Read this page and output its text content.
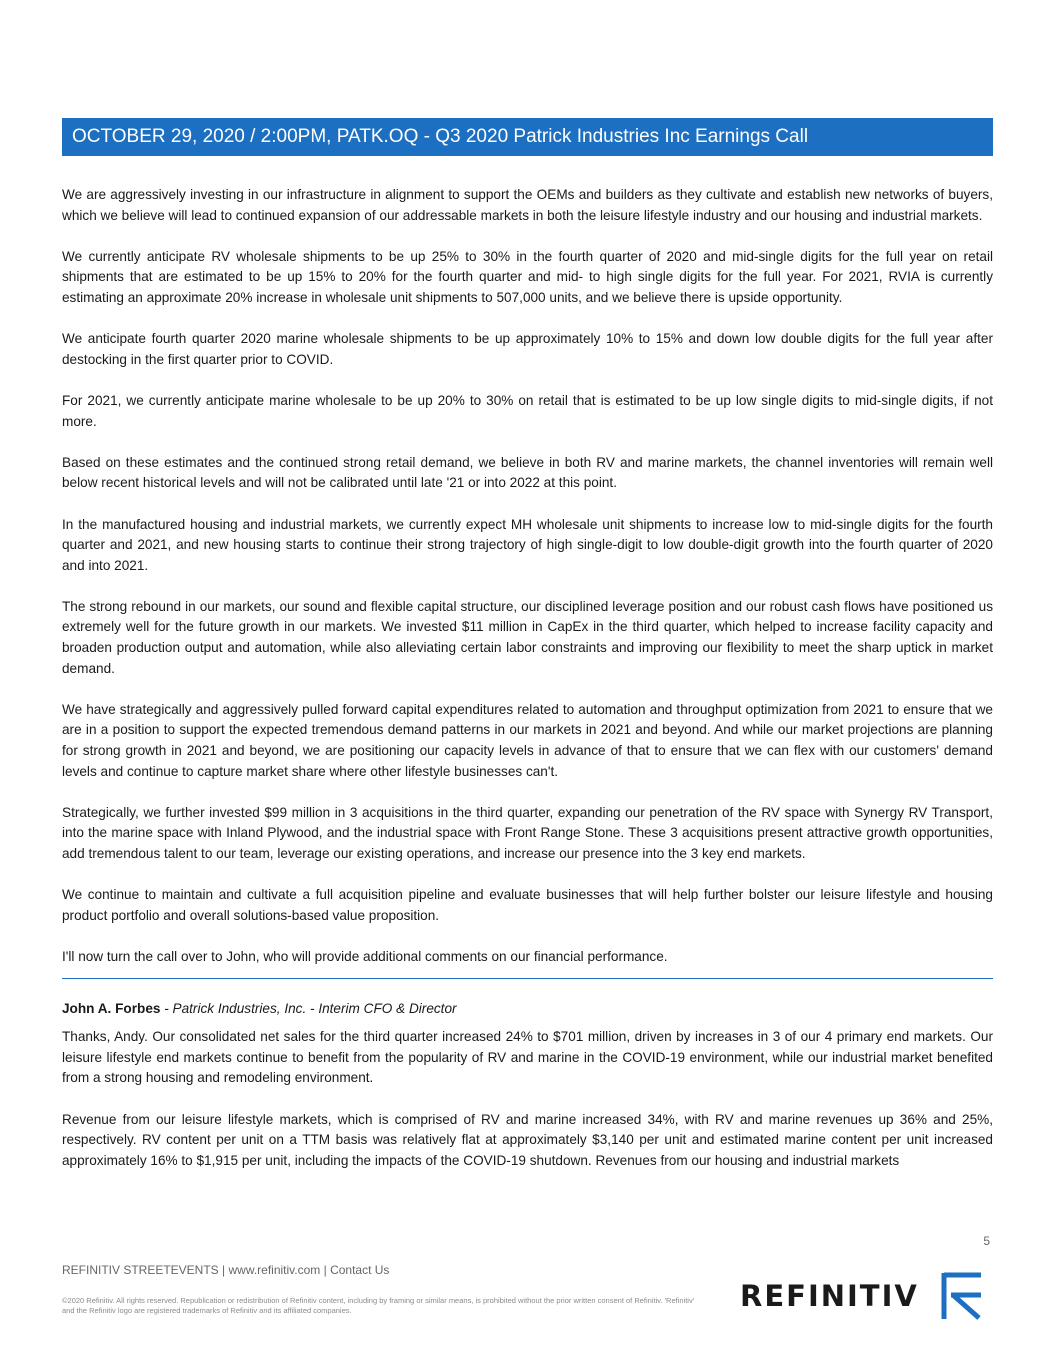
OCTOBER 29, 2020 / 2:00PM, PATK.OQ - Q3 2020 Patrick Industries Inc Earnings Call

We are aggressively investing in our infrastructure in alignment to support the OEMs and builders as they cultivate and establish new networks of buyers, which we believe will lead to continued expansion of our addressable markets in both the leisure lifestyle industry and our housing and industrial markets.

We currently anticipate RV wholesale shipments to be up 25% to 30% in the fourth quarter of 2020 and mid-single digits for the full year on retail shipments that are estimated to be up 15% to 20% for the fourth quarter and mid- to high single digits for the full year. For 2021, RVIA is currently estimating an approximate 20% increase in wholesale unit shipments to 507,000 units, and we believe there is upside opportunity.

We anticipate fourth quarter 2020 marine wholesale shipments to be up approximately 10% to 15% and down low double digits for the full year after destocking in the first quarter prior to COVID.

For 2021, we currently anticipate marine wholesale to be up 20% to 30% on retail that is estimated to be up low single digits to mid-single digits, if not more.

Based on these estimates and the continued strong retail demand, we believe in both RV and marine markets, the channel inventories will remain well below recent historical levels and will not be calibrated until late '21 or into 2022 at this point.

In the manufactured housing and industrial markets, we currently expect MH wholesale unit shipments to increase low to mid-single digits for the fourth quarter and 2021, and new housing starts to continue their strong trajectory of high single-digit to low double-digit growth into the fourth quarter of 2020 and into 2021.

The strong rebound in our markets, our sound and flexible capital structure, our disciplined leverage position and our robust cash flows have positioned us extremely well for the future growth in our markets. We invested $11 million in CapEx in the third quarter, which helped to increase facility capacity and broaden production output and automation, while also alleviating certain labor constraints and improving our flexibility to meet the sharp uptick in market demand.

We have strategically and aggressively pulled forward capital expenditures related to automation and throughput optimization from 2021 to ensure that we are in a position to support the expected tremendous demand patterns in our markets in 2021 and beyond. And while our market projections are planning for strong growth in 2021 and beyond, we are positioning our capacity levels in advance of that to ensure that we can flex with our customers' demand levels and continue to capture market share where other lifestyle businesses can't.

Strategically, we further invested $99 million in 3 acquisitions in the third quarter, expanding our penetration of the RV space with Synergy RV Transport, into the marine space with Inland Plywood, and the industrial space with Front Range Stone. These 3 acquisitions present attractive growth opportunities, add tremendous talent to our team, leverage our existing operations, and increase our presence into the 3 key end markets.

We continue to maintain and cultivate a full acquisition pipeline and evaluate businesses that will help further bolster our leisure lifestyle and housing product portfolio and overall solutions-based value proposition.

I'll now turn the call over to John, who will provide additional comments on our financial performance.

John A. Forbes - Patrick Industries, Inc. - Interim CFO & Director

Thanks, Andy. Our consolidated net sales for the third quarter increased 24% to $701 million, driven by increases in 3 of our 4 primary end markets. Our leisure lifestyle end markets continue to benefit from the popularity of RV and marine in the COVID-19 environment, while our industrial market benefited from a strong housing and remodeling environment.

Revenue from our leisure lifestyle markets, which is comprised of RV and marine increased 34%, with RV and marine revenues up 36% and 25%, respectively. RV content per unit on a TTM basis was relatively flat at approximately $3,140 per unit and estimated marine content per unit increased approximately 16% to $1,915 per unit, including the impacts of the COVID-19 shutdown. Revenues from our housing and industrial markets

5
REFINITIV STREETEVENTS | www.refinitiv.com | Contact Us
©2020 Refinitiv. All rights reserved. Republication or redistribution of Refinitiv content, including by framing or similar means, is prohibited without the prior written consent of Refinitiv. 'Refinitiv' and the Refinitiv logo are registered trademarks of Refinitiv and its affiliated companies.	REFINITIV
